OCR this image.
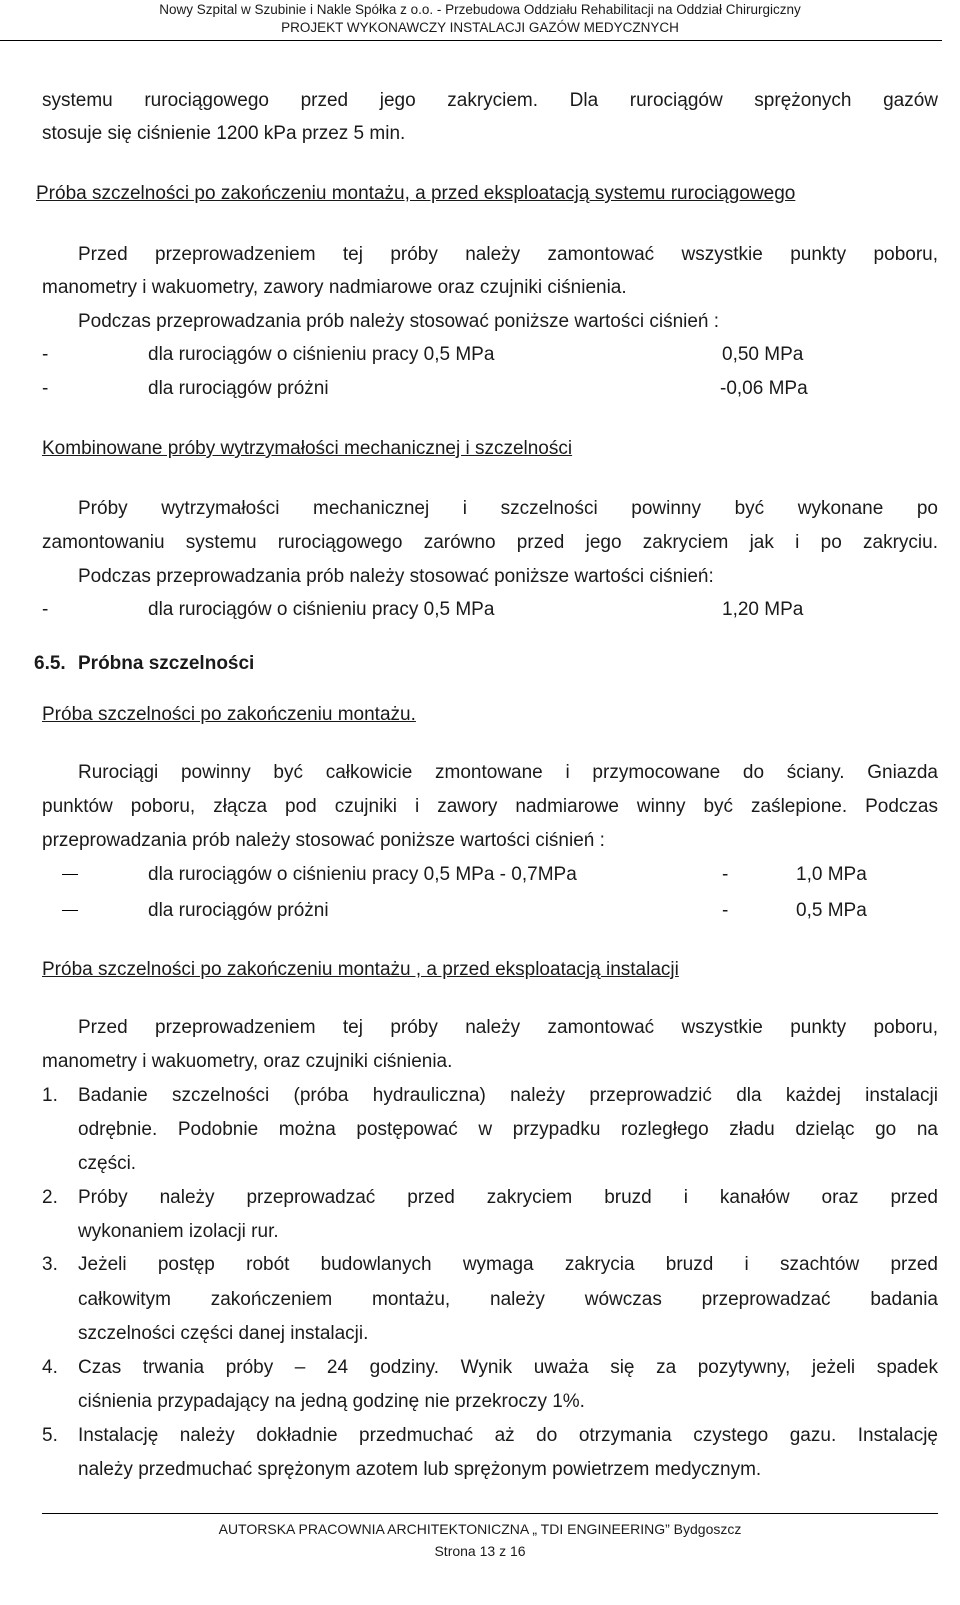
Nowy Szpital w Szubinie i Nakle Spółka z o.o. - Przebudowa Oddziału Rehabilitacji na Oddział Chirurgiczny
PROJEKT WYKONAWCZY INSTALACJI GAZÓW MEDYCZNYCH
systemu rurociągowego przed jego zakryciem. Dla rurociągów sprężonych gazów
stosuje się ciśnienie 1200 kPa przez 5 min.
Próba szczelności po zakończeniu montażu, a przed eksploatacją systemu rurociągowego
Przed przeprowadzeniem tej próby należy zamontować wszystkie punkty poboru,
manometry i wakuometry, zawory nadmiarowe oraz czujniki ciśnienia.
Podczas przeprowadzania prób należy stosować poniższe wartości ciśnień :
-	dla rurociągów o ciśnieniu pracy 0,5 MPa	0,50 MPa
-	dla rurociągów próżni	-0,06 MPa
Kombinowane próby wytrzymałości mechanicznej i szczelności
Próby wytrzymałości mechanicznej i szczelności powinny być wykonane po
zamontowaniu systemu rurociągowego zarówno przed jego zakryciem jak i po zakryciu.
Podczas przeprowadzania prób należy stosować poniższe wartości ciśnień:
-	dla rurociągów o ciśnieniu pracy 0,5 MPa	1,20 MPa
6.5. Próbna szczelności
Próba szczelności po zakończeniu montażu.
Rurociągi powinny być całkowicie zmontowane i przymocowane do ściany. Gniazda
punktów poboru, złącza pod czujniki i zawory nadmiarowe winny być zaślepione. Podczas
przeprowadzania prób należy stosować poniższe wartości ciśnień :
dla rurociągów o ciśnieniu pracy 0,5 MPa - 0,7MPa	-	1,0 MPa
dla rurociągów próżni	-	0,5 MPa
Próba szczelności po zakończeniu montażu , a przed eksploatacją instalacji
Przed przeprowadzeniem tej próby należy zamontować wszystkie punkty poboru,
manometry i wakuometry, oraz czujniki ciśnienia.
1. Badanie szczelności (próba hydrauliczna) należy przeprowadzić dla każdej instalacji
odrębnie. Podobnie można postępować w przypadku rozległego zładu dzieląc go na
części.
2. Próby należy przeprowadzać przed zakryciem bruzd i kanałów oraz przed
wykonaniem izolacji rur.
3. Jeżeli postęp robót budowlanych wymaga zakrycia bruzd i szachtów przed
całkowitym zakończeniem montażu, należy wówczas przeprowadzać badania
szczelności części danej instalacji.
4. Czas trwania próby – 24 godziny. Wynik uważa się za pozytywny, jeżeli spadek
ciśnienia przypadający na jedną godzinę nie przekroczy 1%.
5. Instalację należy dokładnie przedmuchać aż do otrzymania czystego gazu. Instalację
należy przedmuchać sprężonym azotem lub sprężonym powietrzem medycznym.
AUTORSKA PRACOWNIA ARCHITEKTONICZNA „ TDI ENGINEERING” Bydgoszcz
Strona 13 z 16
